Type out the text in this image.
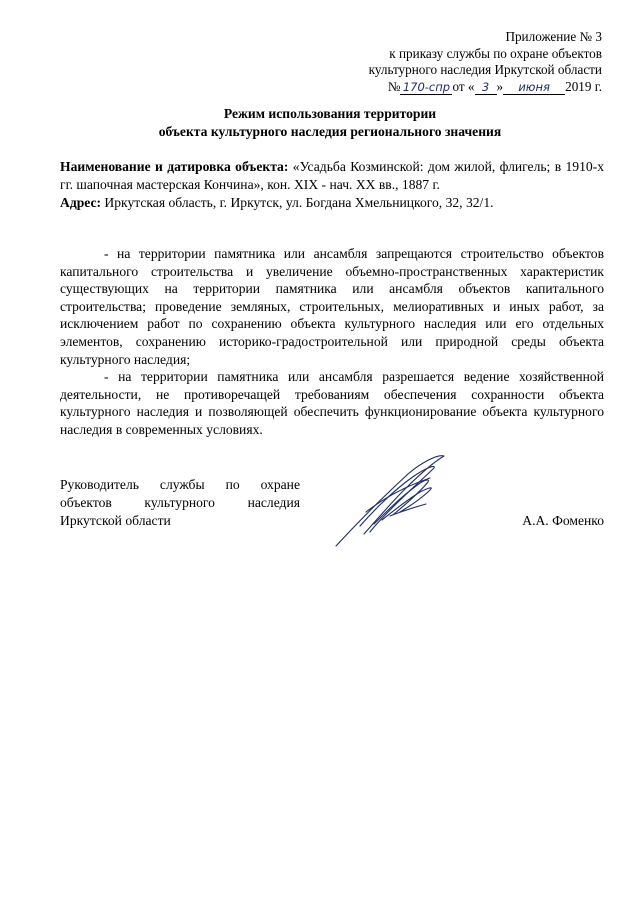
Приложение № 3
к приказу службы по охране объектов
культурного наследия Иркутской области
№ 170-спр от « 3 » июня 2019 г.
Режим использования территории
объекта культурного наследия регионального значения

Наименование и датировка объекта: «Усадьба Козминской: дом жилой, флигель; в 1910-х гг. шапочная мастерская Кончина», кон. XIX - нач. XX вв., 1887 г.

Адрес: Иркутская область, г. Иркутск, ул. Богдана Хмельницкого, 32, 32/1.

- на территории памятника или ансамбля запрещаются строительство объектов капитального строительства и увеличение объемно-пространственных характеристик существующих на территории памятника или ансамбля объектов капитального строительства; проведение земляных, строительных, мелиоративных и иных работ, за исключением работ по сохранению объекта культурного наследия или его отдельных элементов, сохранению историко-градостроительной или природной среды объекта культурного наследия;

- на территории памятника или ансамбля разрешается ведение хозяйственной деятельности, не противоречащей требованиям обеспечения сохранности объекта культурного наследия и позволяющей обеспечить функционирование объекта культурного наследия в современных условиях.

Руководитель службы по охране
объектов культурного наследия
Иркутской области	А.А. Фоменко
